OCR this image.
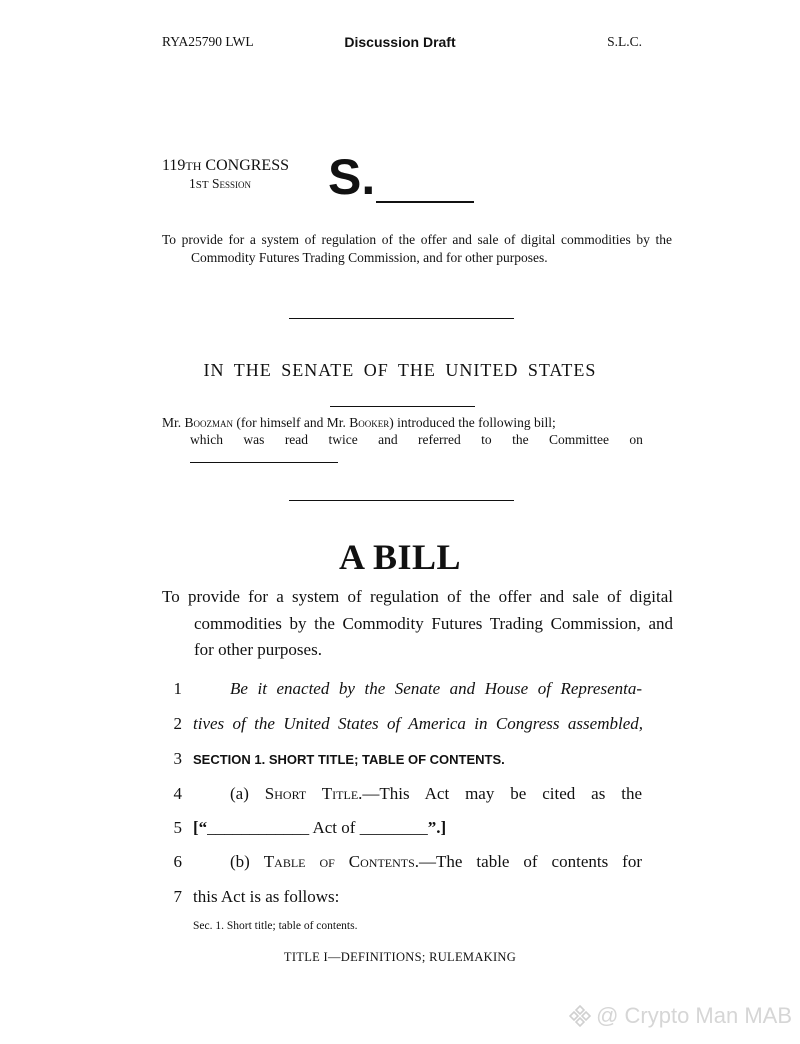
RYA25790 LWL	Discussion Draft	S.L.C.
119TH CONGRESS
1ST Session S.
To provide for a system of regulation of the offer and sale of digital commodities by the Commodity Futures Trading Commission, and for other purposes.
IN THE SENATE OF THE UNITED STATES
Mr. Boozman (for himself and Mr. Booker) introduced the following bill;
which was read twice and referred to the Committee on
A BILL
To provide for a system of regulation of the offer and sale of digital commodities by the Commodity Futures Trading Commission, and for other purposes.
1	Be it enacted by the Senate and House of Representa-
2 tives of the United States of America in Congress assembled,
3 SECTION 1. SHORT TITLE; TABLE OF CONTENTS.
4	(a) Short Title.—This Act may be cited as the
5 [“____________ Act of ________”.]
6	(b) Table of Contents.—The table of contents for
7 this Act is as follows:
Sec. 1. Short title; table of contents.
TITLE I—DEFINITIONS; RULEMAKING
@ Crypto Man MAB
